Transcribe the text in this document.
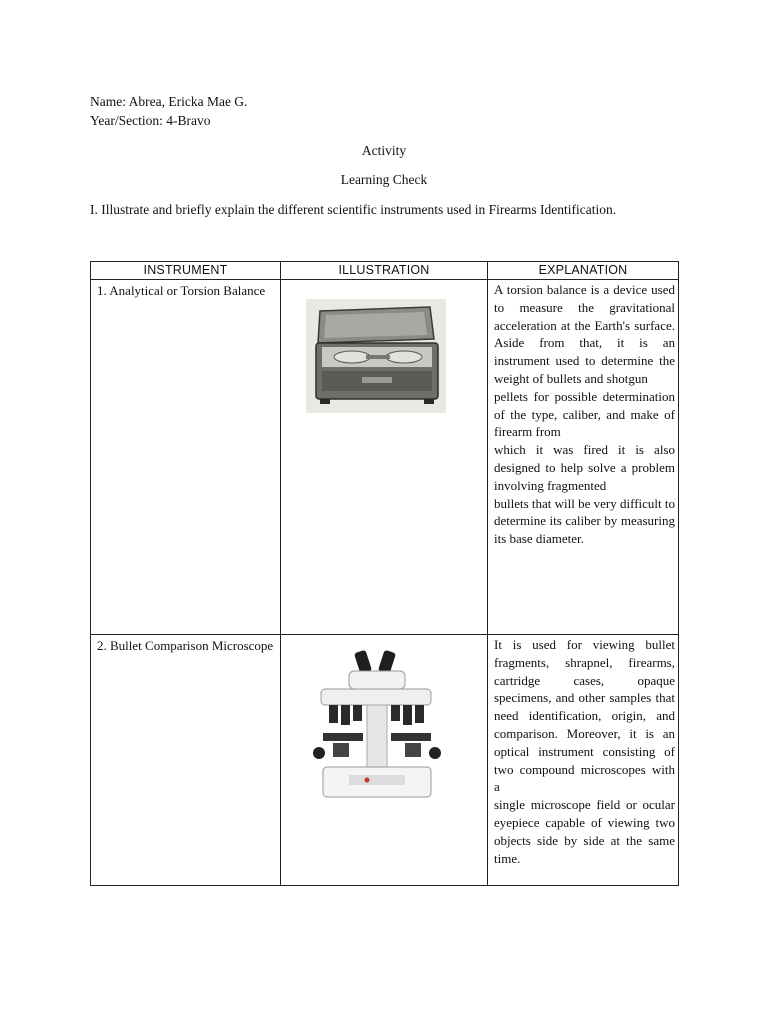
Name: Abrea, Ericka Mae G.
Year/Section: 4-Bravo
Activity
Learning Check
I. Illustrate and briefly explain the different scientific instruments used in Firearms Identification.
INSTRUMENT	ILLUSTRATION	EXPLANATION
1. Analytical or Torsion Balance		A torsion balance is a device used to measure the gravitational acceleration at the Earth's surface. Aside from that, it is an instrument used to determine the weight of bullets and shotgun
pellets for possible determination of the type, caliber, and make of firearm from
which it was fired it is also designed to help solve a problem involving fragmented
bullets that will be very difficult to determine its caliber by measuring its base diameter.

2. Bullet Comparison Microscope		It is used for viewing bullet fragments, shrapnel, firearms, cartridge cases, opaque specimens, and other samples that need identification, origin, and comparison. Moreover, it is an optical instrument consisting of two compound microscopes with a
single microscope field or ocular eyepiece capable of viewing two objects side by side at the same time.
